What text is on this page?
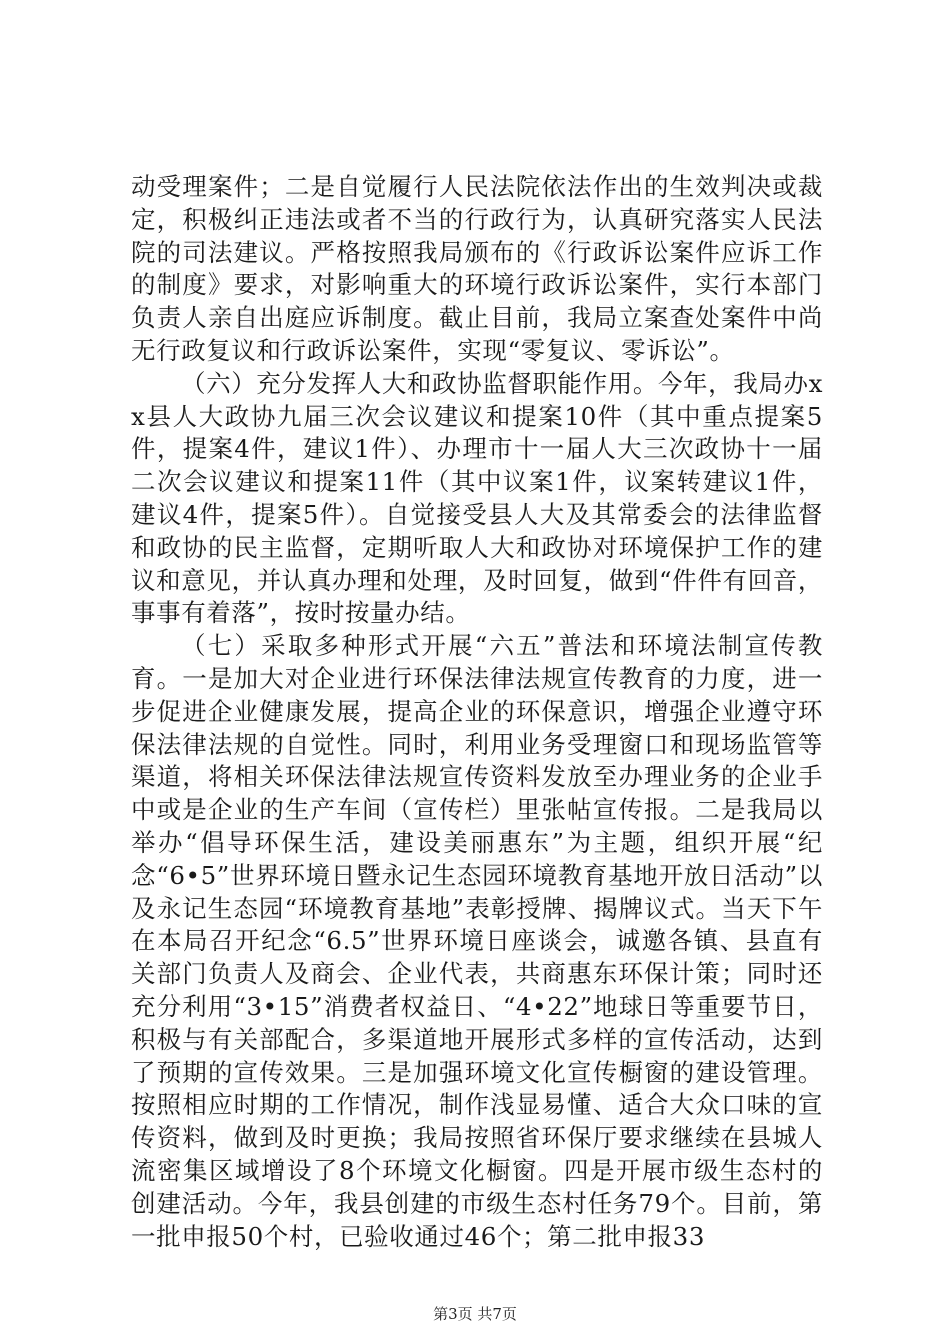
动受理案件；二是自觉履行人民法院依法作出的生效判决或裁定，积极纠正违法或者不当的行政行为，认真研究落实人民法院的司法建议。严格按照我局颁布的《行政诉讼案件应诉工作的制度》要求，对影响重大的环境行政诉讼案件，实行本部门负责人亲自出庭应诉制度。截止目前，我局立案查处案件中尚无行政复议和行政诉讼案件，实现“零复议、零诉讼”。

（六）充分发挥人大和政协监督职能作用。今年，我局办xx县人大政协九届三次会议建议和提案10件（其中重点提案5件，提案4件，建议1件）、办理市十一届人大三次政协十一届二次会议建议和提案11件（其中议案1件，议案转建议1件，建议4件，提案5件）。自觉接受县人大及其常委会的法律监督和政协的民主监督，定期听取人大和政协对环境保护工作的建议和意见，并认真办理和处理，及时回复，做到“件件有回音，事事有着落”，按时按量办结。

（七）采取多种形式开展“六五”普法和环境法制宣传教育。一是加大对企业进行环保法律法规宣传教育的力度，进一步促进企业健康发展，提高企业的环保意识，增强企业遵守环保法律法规的自觉性。同时，利用业务受理窗口和现场监管等渠道，将相关环保法律法规宣传资料发放至办理业务的企业手中或是企业的生产车间（宣传栏）里张帖宣传报。二是我局以举办“倡导环保生活，建设美丽惠东”为主题，组织开展“纪念“6•5”世界环境日暨永记生态园环境教育基地开放日活动”以及永记生态园“环境教育基地”表彰授牌、揭牌议式。当天下午在本局召开纪念“6.5”世界环境日座谈会，诚邀各镇、县直有关部门负责人及商会、企业代表，共商惠东环保计策；同时还充分利用“3•15”消费者权益日、“4•22”地球日等重要节日，积极与有关部配合，多渠道地开展形式多样的宣传活动，达到了预期的宣传效果。三是加强环境文化宣传橱窗的建设管理。按照相应时期的工作情况，制作浅显易懂、适合大众口味的宣传资料，做到及时更换；我局按照省环保厅要求继续在县城人流密集区域增设了8个环境文化橱窗。四是开展市级生态村的创建活动。今年，我县创建的市级生态村任务79个。目前，第一批申报50个村，已验收通过46个；第二批申报33

第3页 共7页
